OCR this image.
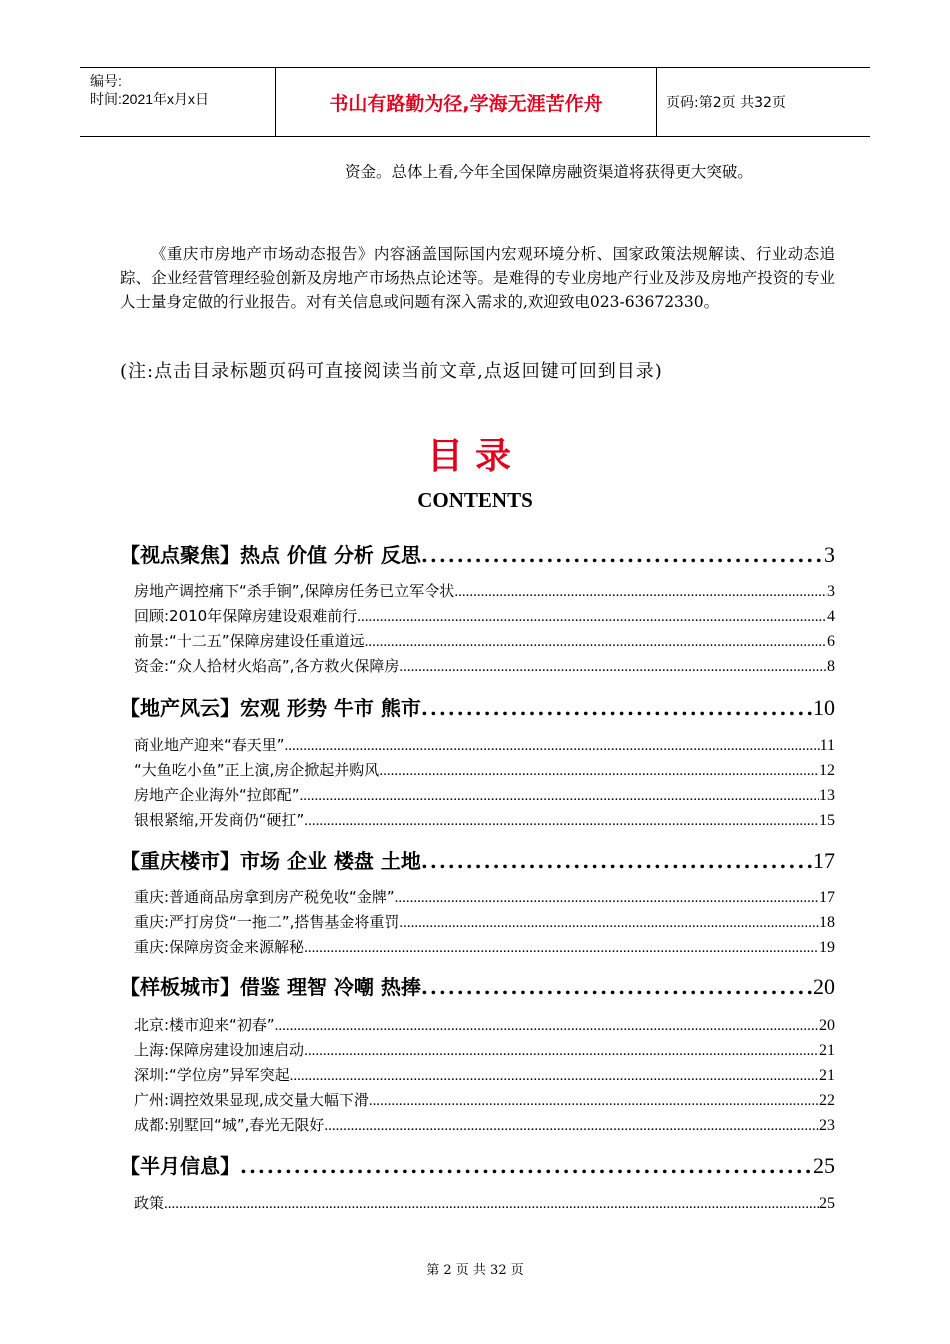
编号:
时间:2021年x月x日	书山有路勤为径,学海无涯苦作舟	页码:第2页 共32页
资金。总体上看,今年全国保障房融资渠道将获得更大突破。
《重庆市房地产市场动态报告》内容涵盖国际国内宏观环境分析、国家政策法规解读、行业动态追踪、企业经营管理经验创新及房地产市场热点论述等。是难得的专业房地产行业及涉及房地产投资的专业人士量身定做的行业报告。对有关信息或问题有深入需求的,欢迎致电023-63672330。
(注:点击目录标题页码可直接阅读当前文章,点返回键可回到目录)
目录
CONTENTS
【视点聚焦】热点 价值 分析 反思 .....	3
房地产调控痛下“杀手锏”,保障房任务已立军令状 .....	3
回顾:2010年保障房建设艰难前行 .....	4
前景:“十二五”保障房建设任重道远 .....	6
资金:“众人拾材火焰高”,各方救火保障房 .....	8
【地产风云】宏观 形势 牛市 熊市 .....	10
商业地产迎来“春天里” .....	11
“大鱼吃小鱼”正上演,房企掀起并购风 .....	12
房地产企业海外“拉郎配” .....	13
银根紧缩,开发商仍“硬扛” .....	15
【重庆楼市】市场 企业 楼盘 土地 .....	17
重庆:普通商品房拿到房产税免收“金牌” .....	17
重庆:严打房贷“一拖二”,搭售基金将重罚 .....	18
重庆:保障房资金来源解秘 .....	19
【样板城市】借鉴 理智 冷嘲 热捧 .....	20
北京:楼市迎来“初春” .....	20
上海:保障房建设加速启动 .....	21
深圳:“学位房”异军突起 .....	21
广州:调控效果显现,成交量大幅下滑 .....	22
成都:别墅回“城”,春光无限好 .....	23
【半月信息】 .....	25
政策 .....	25
第 2 页 共 32 页
